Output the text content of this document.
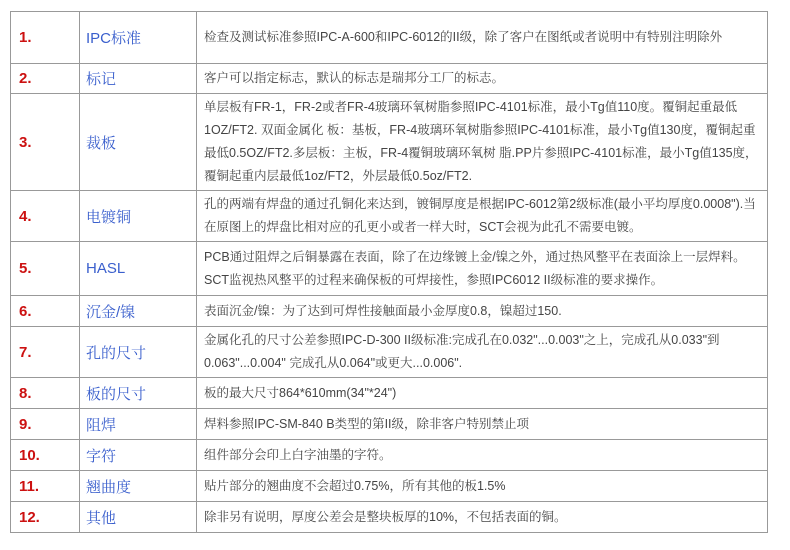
1.	IPC标准	检查及测试标准参照IPC-A-600和IPC-6012的II级，除了客户在图纸或者说明中有特别注明除外
2.	标记	客户可以指定标志，默认的标志是瑞邦分工厂的标志。
3.	裁板	单层板有FR-1，FR-2或者FR-4玻璃环氧树脂参照IPC-4101标准，最小Tg值110度。覆铜起重最低1OZ/FT2. 双面金属化 板：基板，FR-4玻璃环氧树脂参照IPC-4101标准，最小Tg值130度，覆铜起重最低0.5OZ/FT2.多层板：主板，FR-4覆铜玻璃环氧树 脂.PP片参照IPC-4101标准，最小Tg值135度，覆铜起重内层最低1oz/FT2，外层最低0.5oz/FT2.
4.	电镀铜	孔的两端有焊盘的通过孔铜化来达到，镀铜厚度是根据IPC-6012第2级标准(最小平均厚度0.0008").当在原图上的焊盘比相对应的孔更小或者一样大时，SCT会视为此孔不需要电镀。
5.	HASL	PCB通过阻焊之后铜暴露在表面，除了在边缘镀上金/镍之外，通过热风整平在表面涂上一层焊料。SCT监视热风整平的过程来确保板的可焊接性，参照IPC6012 II级标准的要求操作。
6.	沉金/镍	表面沉金/镍：为了达到可焊性接触面最小金厚度0.8，镍超过150.
7.	孔的尺寸	金属化孔的尺寸公差参照IPC-D-300 II级标准:完成孔在0.032"...0.003"之上，完成孔从0.033"到0.063"...0.004" 完成孔从0.064"或更大...0.006".
8.	板的尺寸	板的最大尺寸864*610mm(34"*24")
9.	阻焊	焊料参照IPC-SM-840 B类型的第II级，除非客户特别禁止项
10.	字符	组件部分会印上白字油墨的字符。
11.	翘曲度	贴片部分的翘曲度不会超过0.75%，所有其他的板1.5%
12.	其他	除非另有说明，厚度公差会是整块板厚的10%，不包括表面的铜。
